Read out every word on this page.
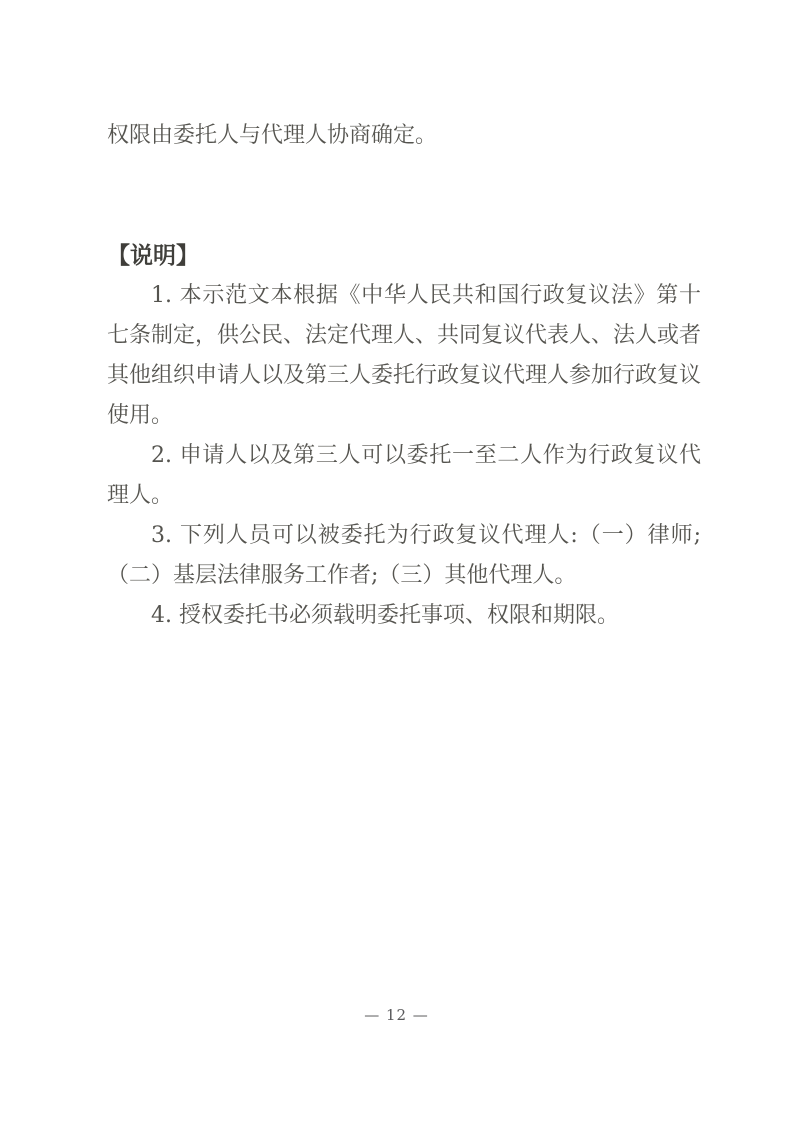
权限由委托人与代理人协商确定。

【说明】

1. 本示范文本根据《中华人民共和国行政复议法》第十七条制定，供公民、法定代理人、共同复议代表人、法人或者其他组织申请人以及第三人委托行政复议代理人参加行政复议使用。

2. 申请人以及第三人可以委托一至二人作为行政复议代理人。

3. 下列人员可以被委托为行政复议代理人:（一）律师;（二）基层法律服务工作者;（三）其他代理人。

4. 授权委托书必须载明委托事项、权限和期限。

— 12 —
